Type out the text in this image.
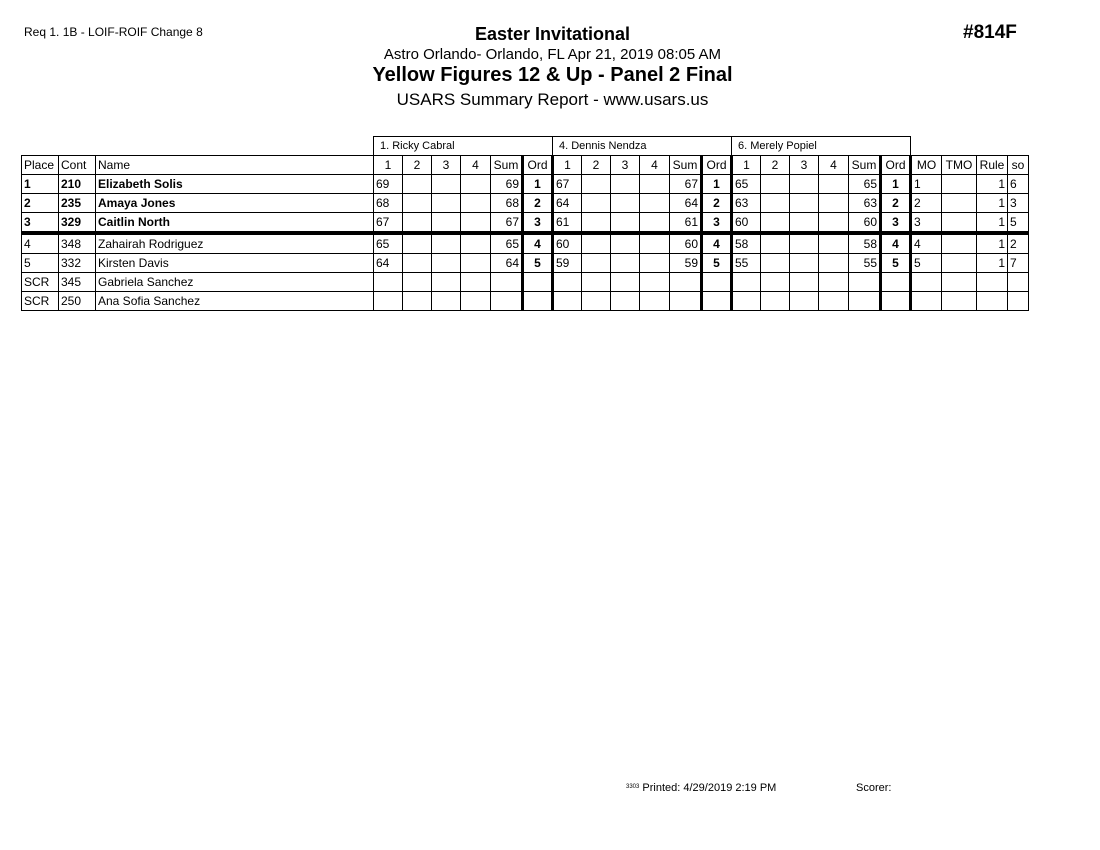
Req 1. 1B - LOIF-ROIF Change 8	#814F
Easter Invitational
Astro Orlando- Orlando, FL Apr 21, 2019 08:05 AM
Yellow Figures 12 & Up - Panel 2 Final
USARS Summary Report - www.usars.us
			1. Ricky Cabral						4. Dennis Nendza						6. Merely Popiel									
Place	Cont	Name	1	2	3	4	Sum	Ord	1	2	3	4	Sum	Ord	1	2	3	4	Sum	Ord	MO	TMO	Rule	so
1	210	Elizabeth Solis	69				69	1	67				67	1	65				65	1	1		1	6
2	235	Amaya Jones	68				68	2	64				64	2	63				63	2	2		1	3
3	329	Caitlin North	67				67	3	61				61	3	60				60	3	3		1	5
4	348	Zahairah Rodriguez	65				65	4	60				60	4	58				58	4	4		1	2
5	332	Kirsten Davis	64				64	5	59				59	5	55				55	5	5		1	7
SCR	345	Gabriela Sanchez																						
SCR	250	Ana Sofia Sanchez																						
$^{3303}$ Printed: 4/29/2019 2:19 PM	Scorer:
